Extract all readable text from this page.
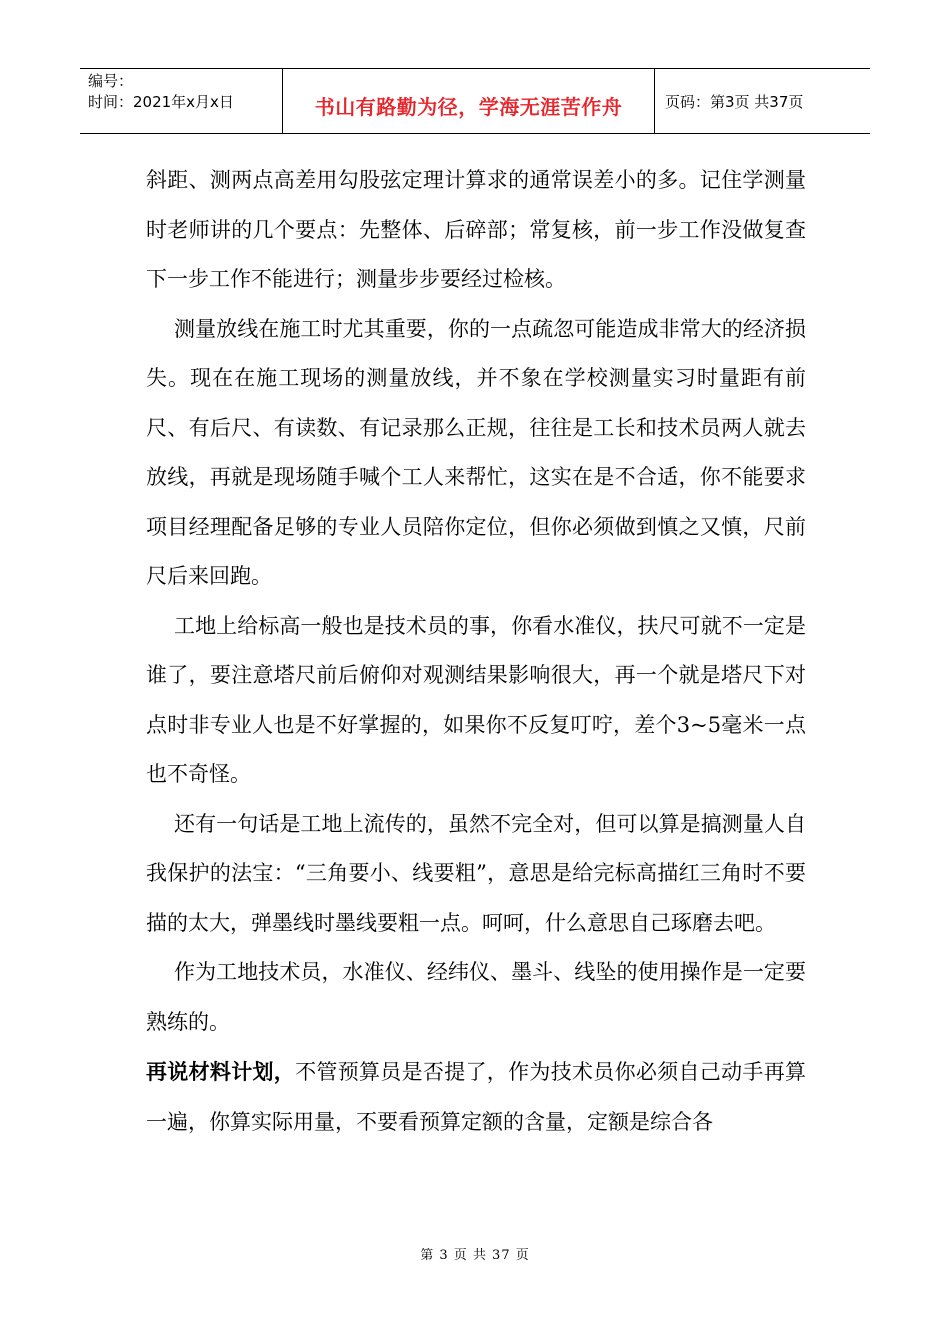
编号：
时间：2021年x月x日	书山有路勤为径，学海无涯苦作舟	页码：第3页 共37页

斜距、测两点高差用勾股弦定理计算求的通常误差小的多。记住学测量时老师讲的几个要点：先整体、后碎部；常复核，前一步工作没做复查下一步工作不能进行；测量步步要经过检核。

测量放线在施工时尤其重要，你的一点疏忽可能造成非常大的经济损失。现在在施工现场的测量放线，并不象在学校测量实习时量距有前尺、有后尺、有读数、有记录那么正规，往往是工长和技术员两人就去放线，再就是现场随手喊个工人来帮忙，这实在是不合适，你不能要求项目经理配备足够的专业人员陪你定位，但你必须做到慎之又慎，尺前尺后来回跑。

工地上给标高一般也是技术员的事，你看水准仪，扶尺可就不一定是谁了，要注意塔尺前后俯仰对观测结果影响很大，再一个就是塔尺下对点时非专业人也是不好掌握的，如果你不反复叮咛，差个3~5毫米一点也不奇怪。

还有一句话是工地上流传的，虽然不完全对，但可以算是搞测量人自我保护的法宝：“三角要小、线要粗”，意思是给完标高描红三角时不要描的太大，弹墨线时墨线要粗一点。呵呵，什么意思自己琢磨去吧。

作为工地技术员，水准仪、经纬仪、墨斗、线坠的使用操作是一定要熟练的。

再说材料计划，不管预算员是否提了，作为技术员你必须自己动手再算一遍，你算实际用量，不要看预算定额的含量，定额是综合各

第 3 页 共 37 页
